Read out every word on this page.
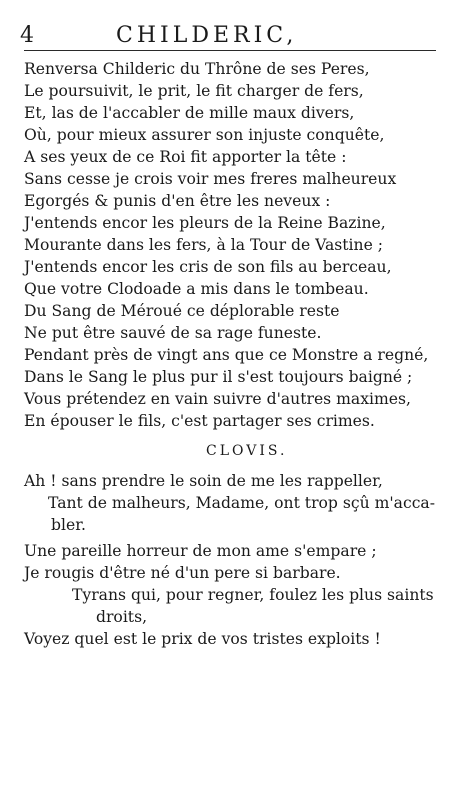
4	CHILDERIC,
Renversa Childeric du Thrône de ses Peres,
Le poursuivit, le prit, le fit charger de fers,
Et, las de l'accabler de mille maux divers,
Où, pour mieux assurer son injuste conquête,
A ses yeux de ce Roi fit apporter la tête :
Sans cesse je crois voir mes freres malheureux
Egorgés & punis d'en être les neveux :
J'entends encor les pleurs de la Reine Bazine,
Mourante dans les fers, à la Tour de Vastine ;
J'entends encor les cris de son fils au berceau,
Que votre Clodoade a mis dans le tombeau.
Du Sang de Méroué ce déplorable reste
Ne put être sauvé de sa rage funeste.
Pendant près de vingt ans que ce Monstre a regné,
Dans le Sang le plus pur il s'est toujours baigné ;
Vous prétendez en vain suivre d'autres maximes,
En épouser le fils, c'est partager ses crimes.
CLOVIS.
Ah ! sans prendre le soin de me les rappeller,
Tant de malheurs, Madame, ont trop sçû m'acca-
bler.
Une pareille horreur de mon ame s'empare ;
Je rougis d'être né d'un pere si barbare.
Tyrans qui, pour regner, foulez les plus saints
droits,
Voyez quel est le prix de vos tristes exploits !
